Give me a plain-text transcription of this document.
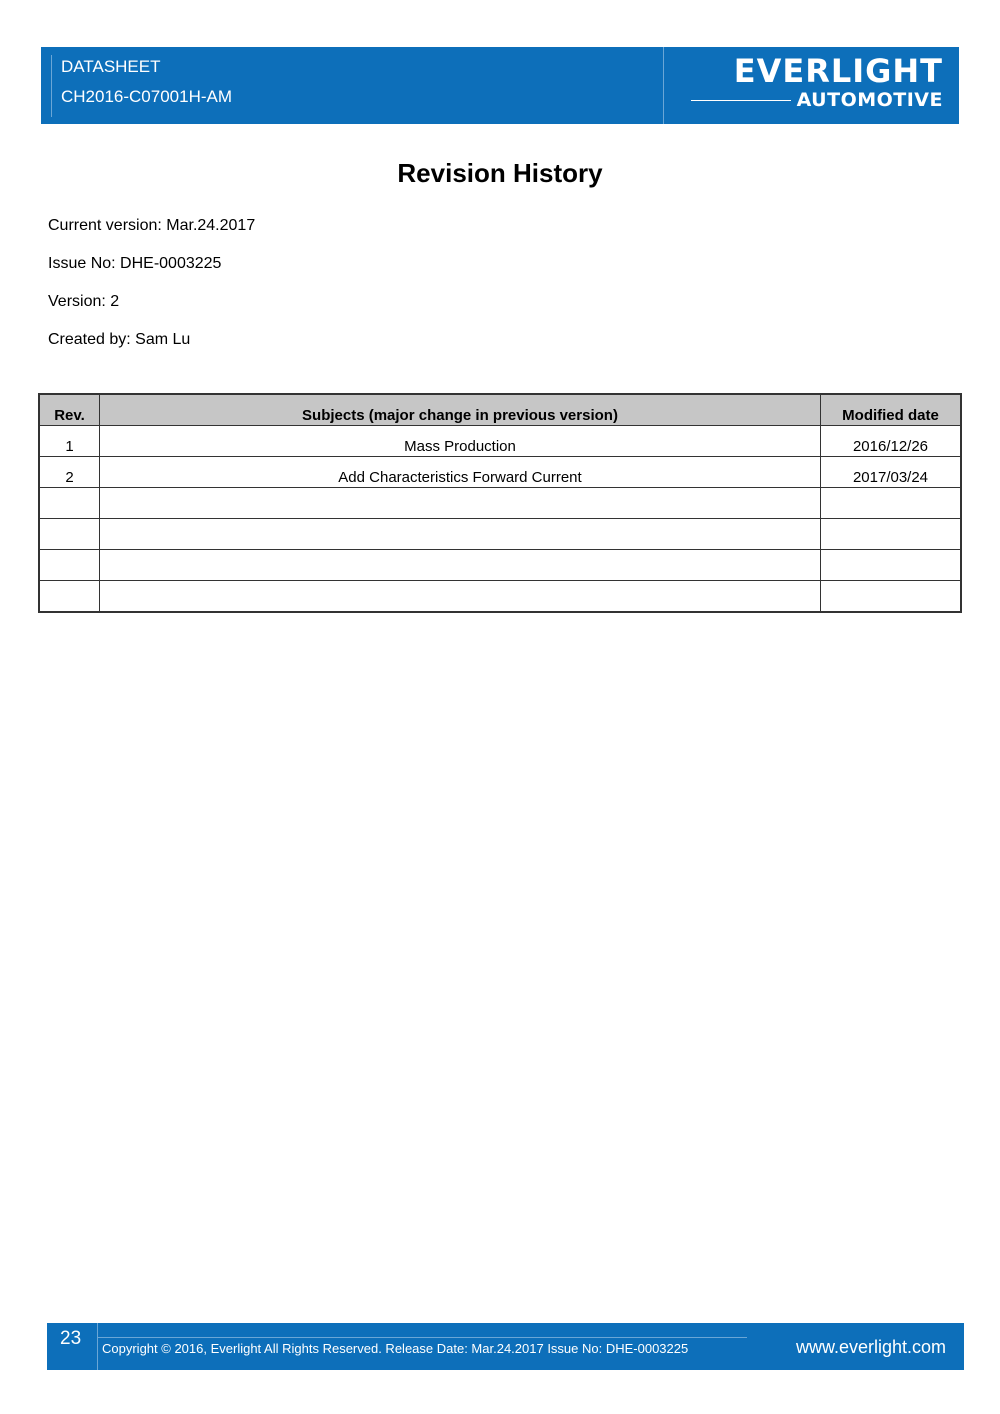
DATASHEET
CH2016-C07001H-AM
EVERLIGHT
AUTOMOTIVE
Revision History
Current version: Mar.24.2017
Issue No: DHE-0003225
Version: 2
Created by: Sam Lu
Rev.	Subjects (major change in previous version)	Modified date
1	Mass Production	2016/12/26
2	Add Characteristics Forward Current	2017/03/24

23 Copyright © 2016, Everlight All Rights Reserved. Release Date: Mar.24.2017 Issue No: DHE-0003225	www.everlight.com
